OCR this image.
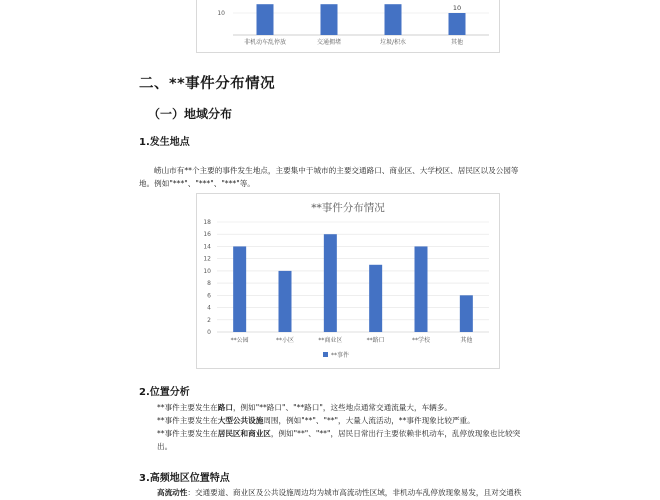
10
非机动车乱停放	交通拥堵	垃圾/积水	其他
10
二、**事件分布情况
（一）地域分布
1.发生地点
崂山市有**个主要的事件发生地点，主要集中于城市的主要交通路口、商业区、大学校区、居民区以及公园等地。例如"***"、"***"、"***"等。
**事件分布情况
0
2
4
6
8
10
12
14
16
18
**公园	**小区	**商业区	**路口	**学校	其他
**事件
2.位置分析
**事件主要发生在路口，例如"**路口"、"**路口"，这些地点通常交通流量大，车辆多。
**事件主要发生在大型公共设施周围，例如"**"、"**"，大量人流活动，**事件现象比较严重。
**事件主要发生在居民区和商业区，例如"**"、"**"，居民日常出行主要依赖非机动车，乱停放现象也比较突出。
3.高频地区位置特点
高流动性：交通要道、商业区及公共设施周边均为城市高流动性区域，非机动车乱停放现象易发，且对交通秩
